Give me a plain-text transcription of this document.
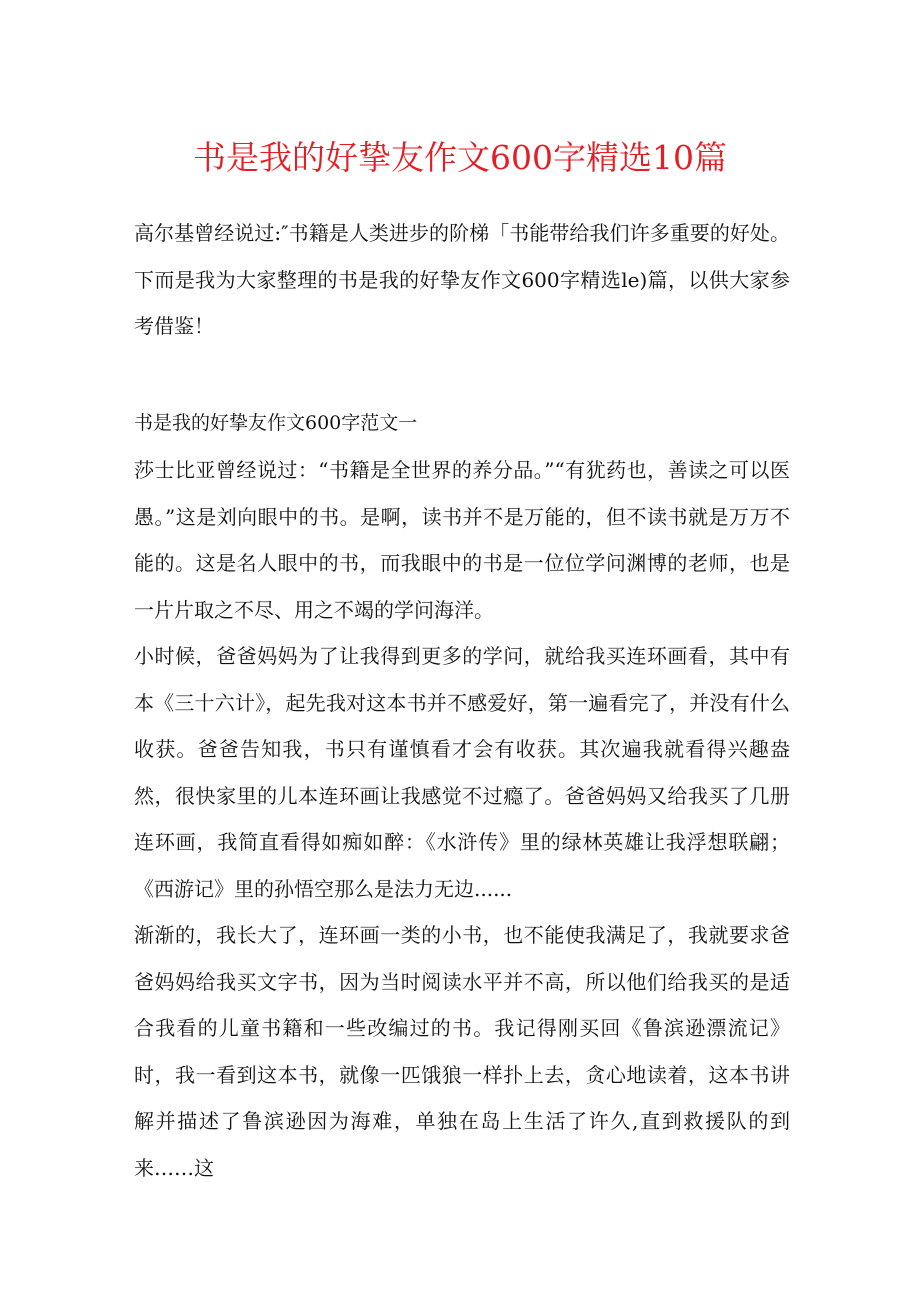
书是我的好挚友作文600字精选10篇

高尔基曾经说过:″书籍是人类进步的阶梯「书能带给我们许多重要的好处。下而是我为大家整理的书是我的好挚友作文600字精选le)篇，以供大家参考借鉴！

书是我的好挚友作文600字范文一

莎士比亚曾经说过：“书籍是全世界的养分品。”“有犹药也，善读之可以医愚。”这是刘向眼中的书。是啊，读书并不是万能的，但不读书就是万万不能的。这是名人眼中的书，而我眼中的书是一位位学问渊博的老师，也是一片片取之不尽、用之不竭的学问海洋。

小时候，爸爸妈妈为了让我得到更多的学问，就给我买连环画看，其中有本《三十六计》，起先我对这本书并不感爱好，第一遍看完了，并没有什么收获。爸爸告知我，书只有谨慎看才会有收获。其次遍我就看得兴趣盎然，很快家里的儿本连环画让我感觉不过瘾了。爸爸妈妈又给我买了几册连环画，我简直看得如痴如醉：《水浒传》里的绿林英雄让我浮想联翩；《西游记》里的孙悟空那么是法力无边......

渐渐的，我长大了，连环画一类的小书，也不能使我满足了，我就要求爸爸妈妈给我买文字书，因为当时阅读水平并不高，所以他们给我买的是适合我看的儿童书籍和一些改编过的书。我记得刚买回《鲁滨逊漂流记》时，我一看到这本书，就像一匹饿狼一样扑上去，贪心地读着，这本书讲解并描述了鲁滨逊因为海难，单独在岛上生活了许久,直到救援队的到来……这
